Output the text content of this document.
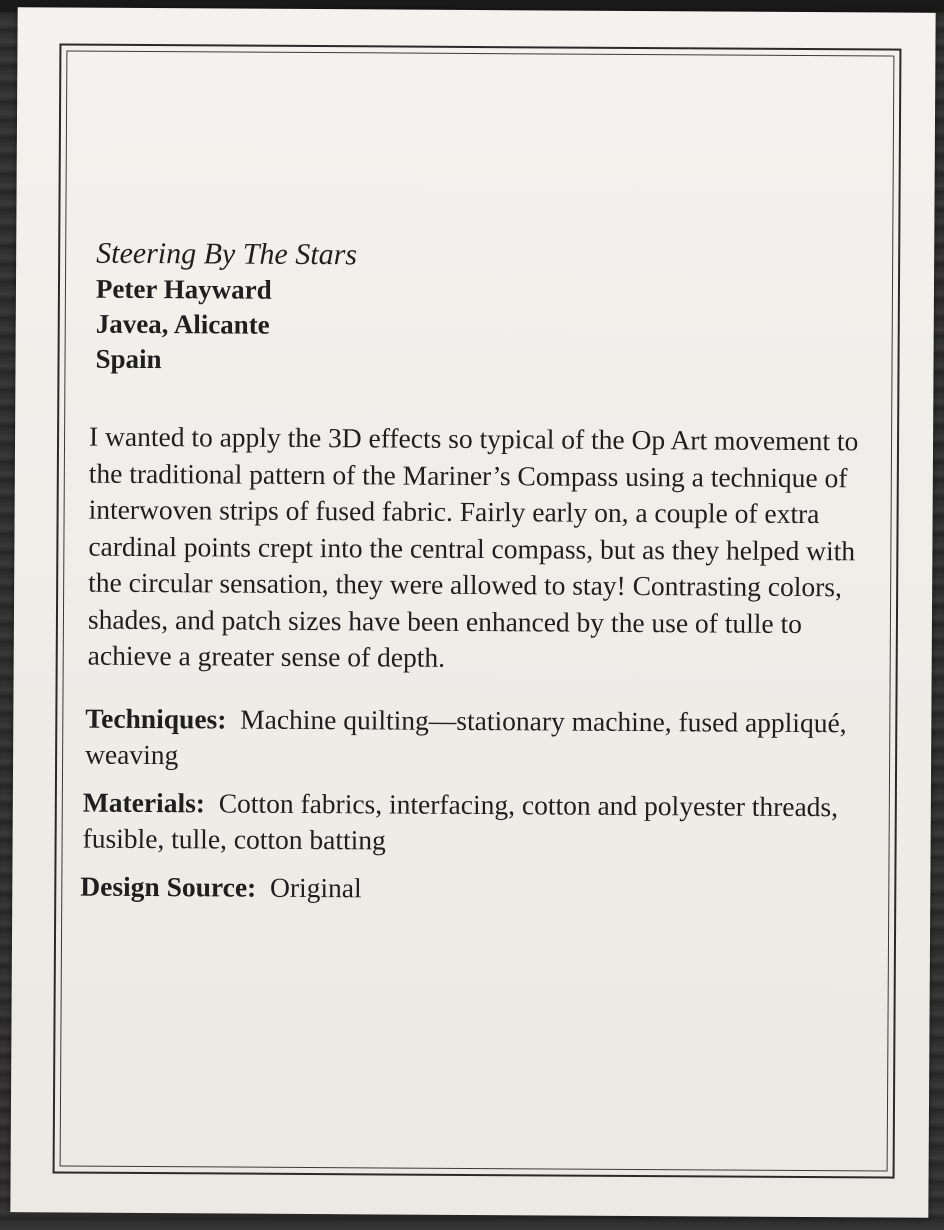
Steering By The Stars

Peter Hayward

Javea, Alicante

Spain

I wanted to apply the 3D effects so typical of the Op Art movement to the traditional pattern of the Mariner’s Compass using a technique of interwoven strips of fused fabric. Fairly early on, a couple of extra cardinal points crept into the central compass, but as they helped with the circular sensation, they were allowed to stay! Contrasting colors, shades, and patch sizes have been enhanced by the use of tulle to achieve a greater sense of depth.

Techniques: Machine quilting—stationary machine, fused appliqué, weaving

Materials: Cotton fabrics, interfacing, cotton and polyester threads, fusible, tulle, cotton batting

Design Source: Original
